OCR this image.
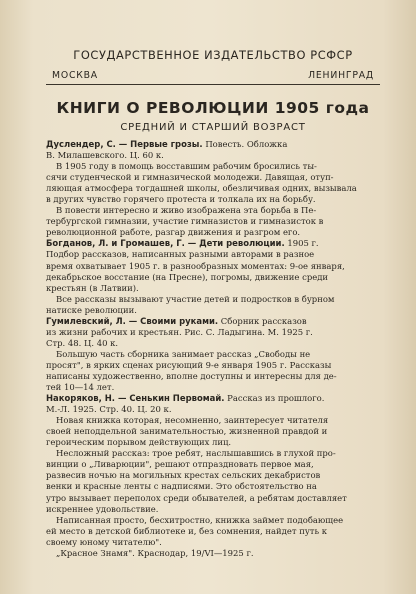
ГОСУДАРСТВЕННОЕ ИЗДАТЕЛЬСТВО РСФСР
МОСКВА	ЛЕНИНГРАД
КНИГИ О РЕВОЛЮЦИИ 1905 года
СРЕДНИЙ И СТАРШИЙ ВОЗРАСТ
Дуслендер, С. — Первые грозы. Повесть. Обложка
В. Милашевского. Ц. 60 к.
В 1905 году в помощь восставшим рабочим бросились ты-
сячи студенческой и гимназической молодежи. Давящая, отуп-
ляющая атмосфера тогдашней школы, обезличивая одних, вызывала
в других чувство горячего протеста и толкала их на борьбу.
В повести интересно и живо изображена эта борьба в Пе-
тербургской гимназии, участие гимназистов и гимназисток в
революционной работе, разгар движения и разгром его.
Богданов, Л. и Громашев, Г. — Дети революции. 1905 г.
Подбор рассказов, написанных разными авторами в разное
время охватывает 1905 г. в разнообразных моментах: 9-ое января,
декабрьское восстание (на Пресне), погромы, движение среди
крестьян (в Латвии).
Все рассказы вызывают участие детей и подростков в бурном
натиске революции.
Гумилевский, Л. — Своими руками. Сборник рассказов
из жизни рабочих и крестьян. Рис. С. Ладыгина. М. 1925 г.
Стр. 48. Ц. 40 к.
Большую часть сборника занимает рассказ „Свободы не
просят", в ярких сценах рисующий 9-е января 1905 г. Рассказы
написаны художественно, вполне доступны и интересны для де-
тей 10—14 лет.
Накоряков, Н. — Сенькин Первомай. Рассказ из прошлого.
М.-Л. 1925. Стр. 40. Ц. 20 к.
Новая книжка которая, несомненно, заинтересует читателя
своей неподдельной занимательностью, жизненной правдой и
героическим порывом действующих лиц.
Несложный рассказ: трое ребят, наслышавшись в глухой про-
винции о „Ливарюции", решают отпраздновать первое мая,
развесив ночью на могильных крестах сельских декабристов
венки и красные ленты с надписями. Это обстоятельство на
утро вызывает переполох среди обывателей, а ребятам доставляет
искреннее удовольствие.
Написанная просто, бесхитростно, книжка займет подобающее
ей место в детской библиотеке и, без сомнения, найдет путь к
своему юному читателю".
„Красное Знамя". Краснодар, 19/VI—1925 г.
